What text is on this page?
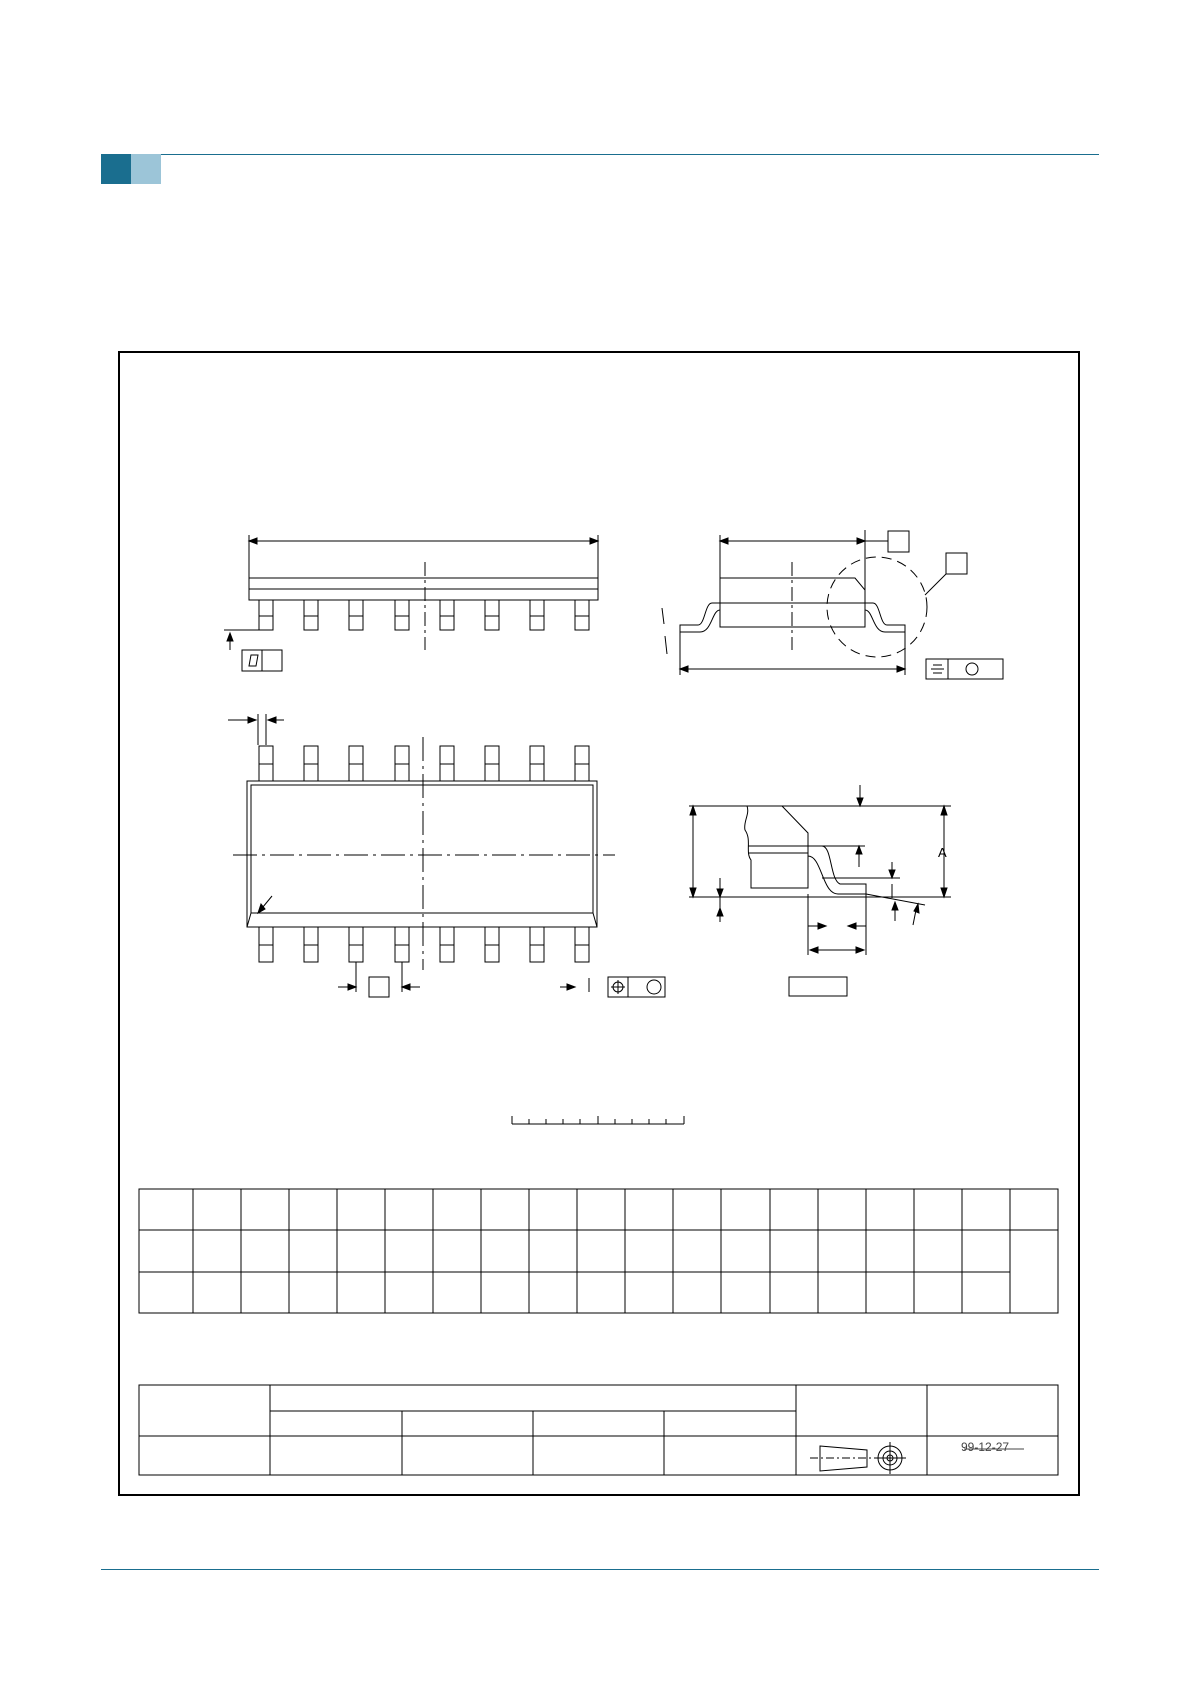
A
99-12-27
